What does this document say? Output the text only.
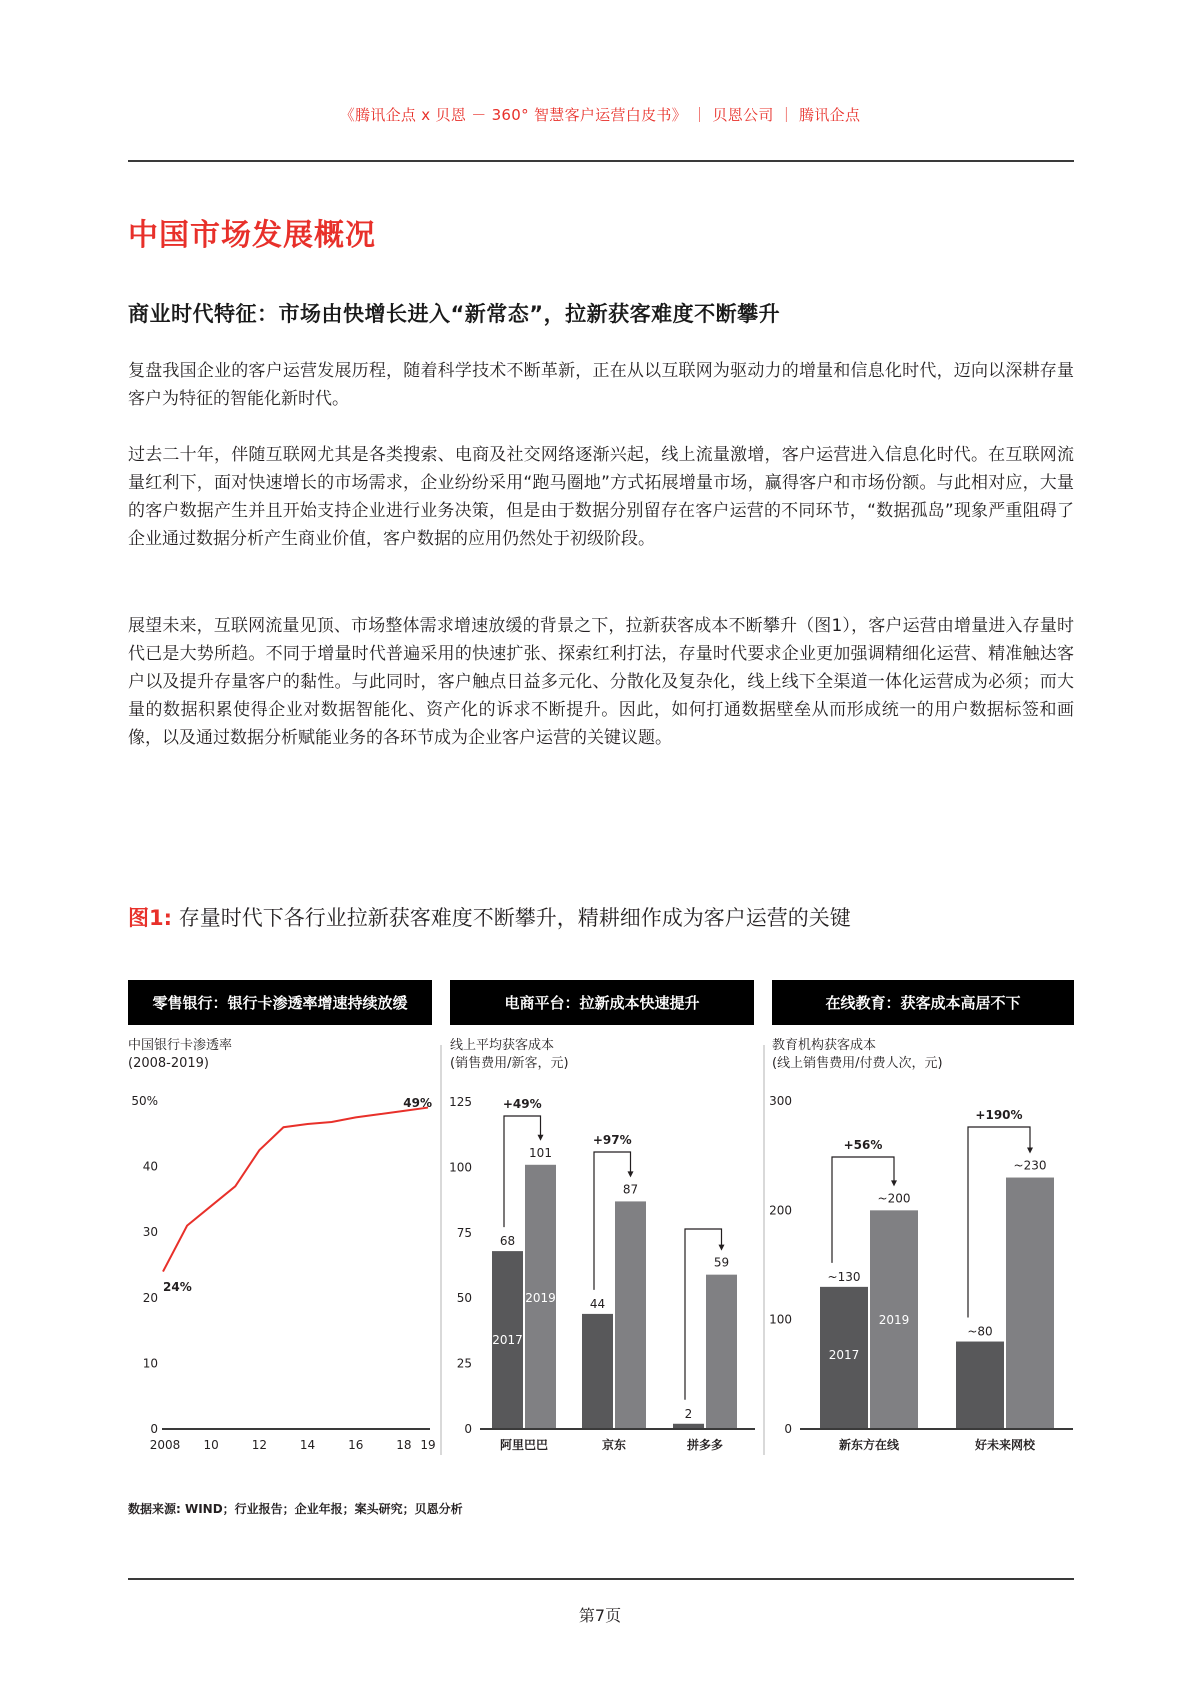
《腾讯企点 x 贝恩 － 360° 智慧客户运营白皮书》 ｜ 贝恩公司 ｜ 腾讯企点
中国市场发展概况
商业时代特征：市场由快增长进入“新常态”，拉新获客难度不断攀升
复盘我国企业的客户运营发展历程，随着科学技术不断革新，正在从以互联网为驱动力的增量和信息化时代，迈向以深耕存量客户为特征的智能化新时代。
过去二十年，伴随互联网尤其是各类搜索、电商及社交网络逐渐兴起，线上流量激增，客户运营进入信息化时代。在互联网流量红利下，面对快速增长的市场需求，企业纷纷采用“跑马圈地”方式拓展增量市场，赢得客户和市场份额。与此相对应，大量的客户数据产生并且开始支持企业进行业务决策，但是由于数据分别留存在客户运营的不同环节，“数据孤岛”现象严重阻碍了企业通过数据分析产生商业价值，客户数据的应用仍然处于初级阶段。
展望未来，互联网流量见顶、市场整体需求增速放缓的背景之下，拉新获客成本不断攀升（图1），客户运营由增量进入存量时代已是大势所趋。不同于增量时代普遍采用的快速扩张、探索红利打法，存量时代要求企业更加强调精细化运营、精准触达客户以及提升存量客户的黏性。与此同时，客户触点日益多元化、分散化及复杂化，线上线下全渠道一体化运营成为必须；而大量的数据积累使得企业对数据智能化、资产化的诉求不断提升。因此，如何打通数据壁垒从而形成统一的用户数据标签和画像，以及通过数据分析赋能业务的各环节成为企业客户运营的关键议题。
图1: 存量时代下各行业拉新获客难度不断攀升，精耕细作成为客户运营的关键
零售银行：银行卡渗透率增速持续放缓
中国银行卡渗透率
(2008-2019)
电商平台：拉新成本快速提升
线上平均获客成本
(销售费用/新客，元)
在线教育：获客成本高居不下
教育机构获客成本
(线上销售费用/付费人次，元)
0
10
20
30
40
50%
2008 10	12	14	16	18 19
24%
49%
0
25
50
75
100
125
68
101
+49%
阿里巴巴
2017
2019	44
87
+97%
京东
2
59
拼多多
0
100
200
300
~130
~200
+56%
新东方在线
2017
2019
~80
~230
+190%
好未来网校
数据来源: WIND；行业报告；企业年报；案头研究；贝恩分析
第7页
